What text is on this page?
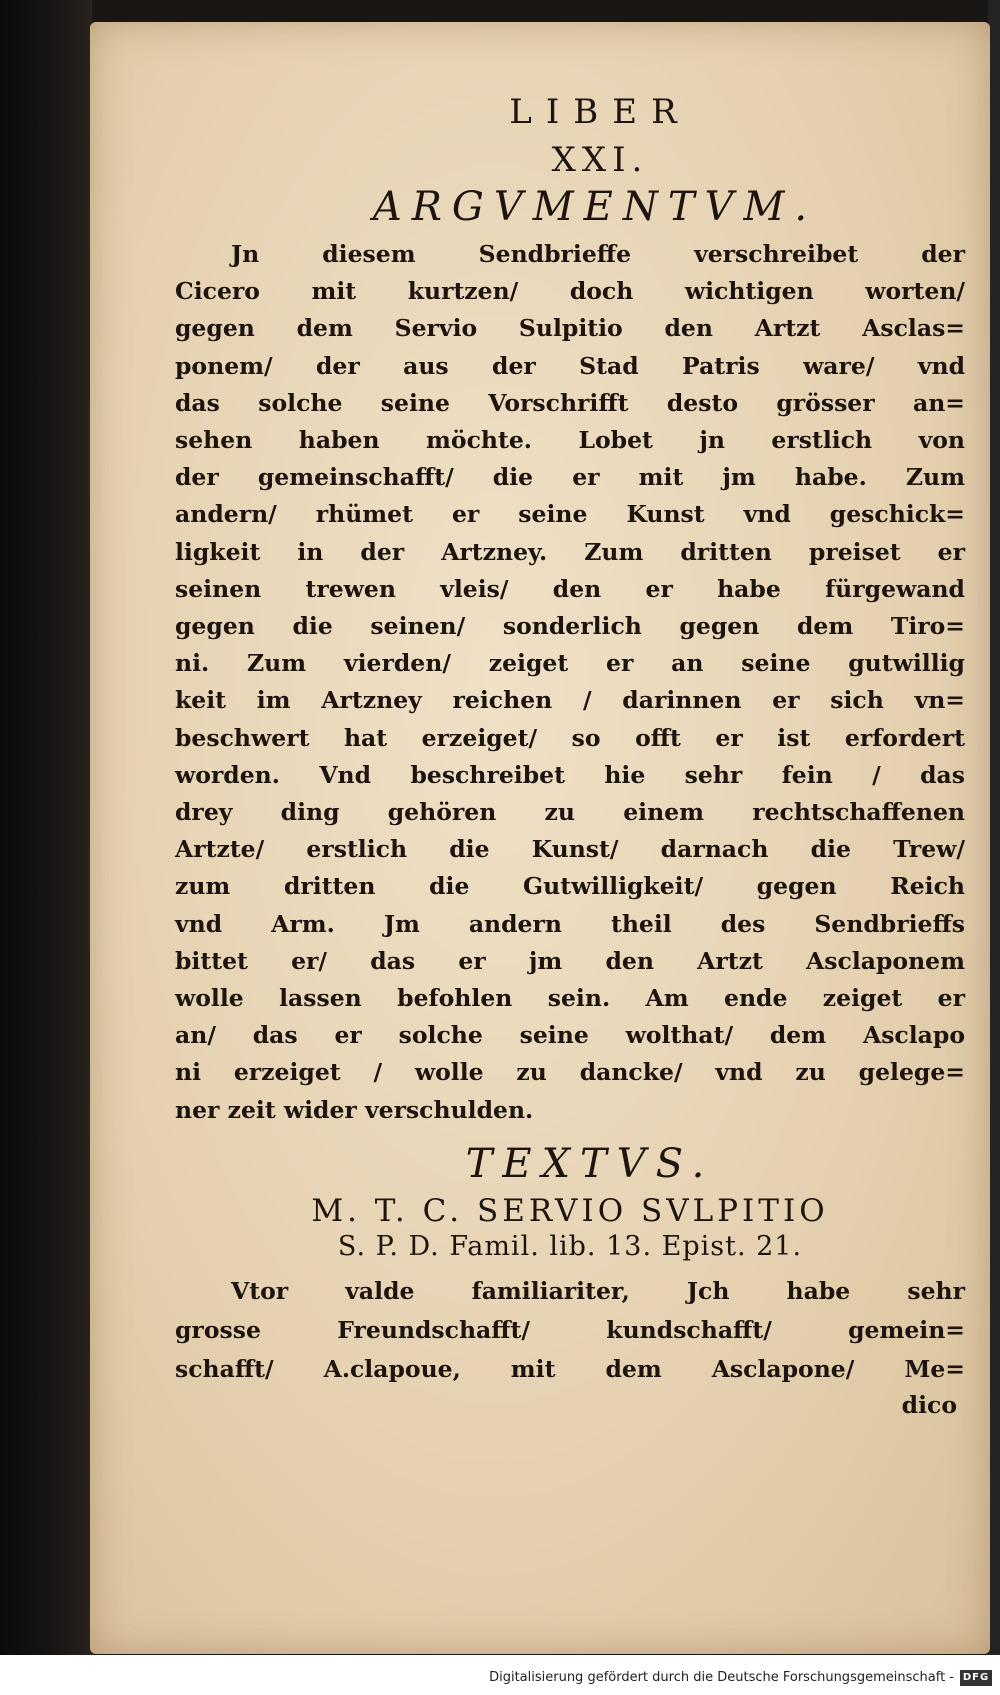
LIBER
XXI.
ARGVMENTVM.
Jn diesem Sendbrieffe verschreibet der
Cicero mit kurtzen/ doch wichtigen worten/
gegen dem Servio Sulpitio den Artzt Asclas=
ponem/ der aus der Stad Patris ware/ vnd
das solche seine Vorschrifft desto grösser an=
sehen haben möchte. Lobet jn erstlich von
der gemeinschafft/ die er mit jm habe. Zum
andern/ rhümet er seine Kunst vnd geschick=
ligkeit in der Artzney. Zum dritten preiset er
seinen trewen vleis/ den er habe fürgewand
gegen die seinen/ sonderlich gegen dem Tiro=
ni. Zum vierden/ zeiget er an seine gutwillig
keit im Artzney reichen / darinnen er sich vn=
beschwert hat erzeiget/ so offt er ist erfordert
worden. Vnd beschreibet hie sehr fein / das
drey ding gehören zu einem rechtschaffenen
Artzte/ erstlich die Kunst/ darnach die Trew/
zum dritten die Gutwilligkeit/ gegen Reich
vnd Arm. Jm andern theil des Sendbrieffs
bittet er/ das er jm den Artzt Asclaponem
wolle lassen befohlen sein. Am ende zeiget er
an/ das er solche seine wolthat/ dem Asclapo
ni erzeiget / wolle zu dancke/ vnd zu gelege=
ner zeit wider verschulden.
TEXTVS.
M. T. C. SERVIO SVLPITIO
S. P. D. Famil. lib. 13. Epist. 21.
Vtor valde familiariter, Jch habe sehr
grosse Freundschafft/ kundschafft/ gemein=
schafft/ A.clapoue, mit dem Asclapone/ Me=
dico
Digitalisierung gefördert durch die Deutsche Forschungsgemeinschaft - DFG
